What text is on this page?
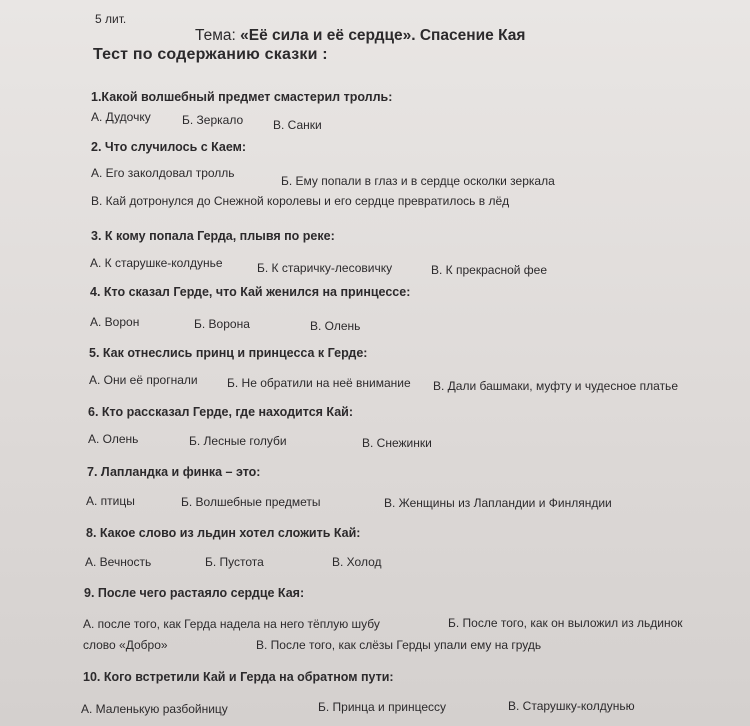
5 лит.
Тема: «Её сила и её сердце». Спасение Кая
Тест по содержанию сказки :
1.Какой волшебный предмет смастерил тролль:
А. Дудочку	Б. Зеркало В. Санки
2. Что случилось с Каем:
А. Его заколдовал тролль
Б. Ему попали в глаз и в сердце осколки зеркала
В. Кай дотронулся до Снежной королевы и его сердце превратилось в лёд
3. К кому попала Герда, плывя по реке:
А. К старушке-колдунье	Б. К старичку-лесовичку	В. К прекрасной фее
4. Кто сказал Герде, что Кай женился на принцессе:
А. Ворон	Б. Ворона	В. Олень
5. Как отнеслись принц и принцесса к Герде:
А. Они её прогнали Б. Не обратили на неё внимание В. Дали башмаки, муфту и чудесное платье
6. Кто рассказал Герде, где находится Кай:
А. Олень	Б. Лесные голуби	В. Снежинки
7. Лапландка и финка – это:
А. птицы	Б. Волшебные предметы	В. Женщины из Лапландии и Финляндии
8. Какое слово из льдин хотел сложить Кай:
А. Вечность	Б. Пустота	В. Холод
9. После чего растаяло сердце Кая:
А. после того, как Герда надела на него тёплую шубу	Б. После того, как он выложил из льдинок
слово «Добро»	В. После того, как слёзы Герды упали ему на грудь
10. Кого встретили Кай и Герда на обратном пути:
А. Маленькую разбойницу	Б. Принца и принцессу	В. Старушку-колдунью
